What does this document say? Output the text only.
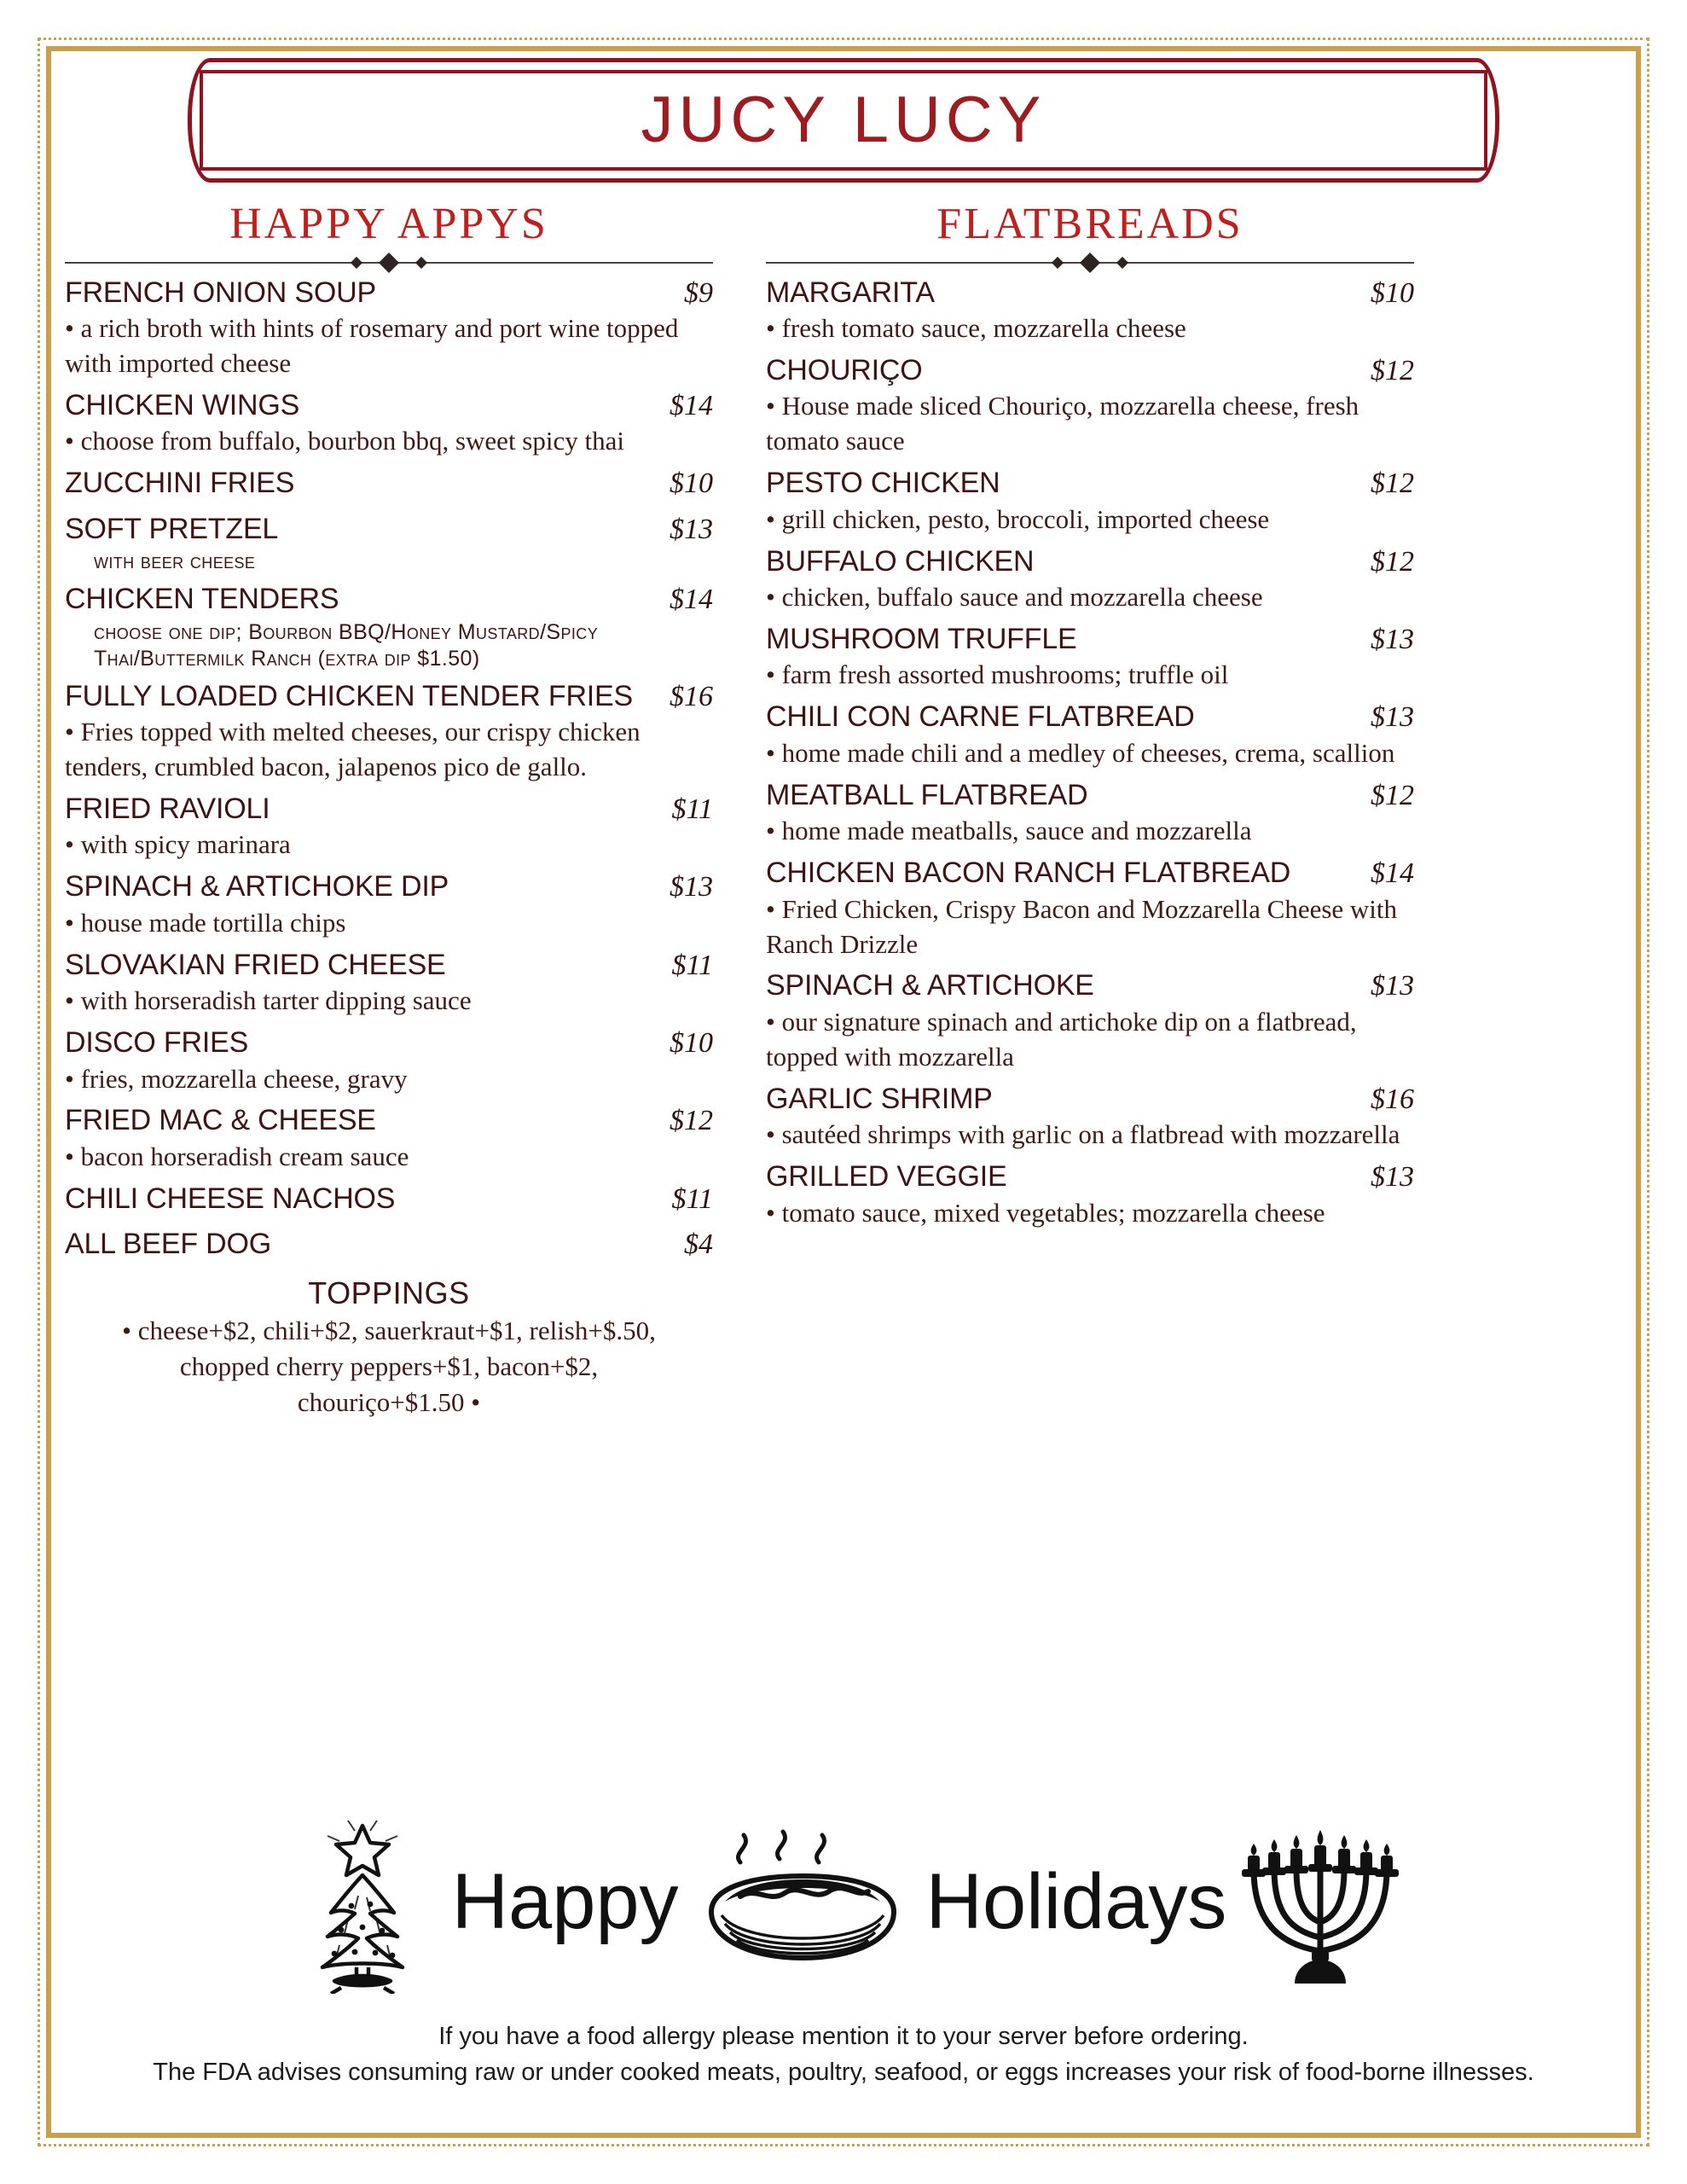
JUCY LUCY
HAPPY APPYS
FRENCH ONION SOUP	$9
• a rich broth with hints of rosemary and port wine topped with imported cheese
CHICKEN WINGS	$14
• choose from buffalo, bourbon bbq, sweet spicy thai
ZUCCHINI FRIES	$10
SOFT PRETZEL	$13
with beer cheese
CHICKEN TENDERS	$14
choose one dip; Bourbon BBQ/Honey Mustard/Spicy Thai/Buttermilk Ranch (extra dip $1.50)
FULLY LOADED CHICKEN TENDER FRIES	$16
• Fries topped with melted cheeses, our crispy chicken tenders, crumbled bacon, jalapenos pico de gallo.
FRIED RAVIOLI	$11
• with spicy marinara
SPINACH & ARTICHOKE DIP	$13
• house made tortilla chips
SLOVAKIAN FRIED CHEESE	$11
• with horseradish tarter dipping sauce
DISCO FRIES	$10
• fries, mozzarella cheese, gravy
FRIED MAC & CHEESE	$12
• bacon horseradish cream sauce
CHILI CHEESE NACHOS	$11
ALL BEEF DOG	$4
TOPPINGS
• cheese+$2, chili+$2, sauerkraut+$1, relish+$.50, chopped cherry peppers+$1, bacon+$2, chouriço+$1.50 •
FLATBREADS
MARGARITA	$10
• fresh tomato sauce, mozzarella cheese
CHOURIÇO	$12
• House made sliced Chouriço, mozzarella cheese, fresh tomato sauce
PESTO CHICKEN	$12
• grill chicken, pesto, broccoli, imported cheese
BUFFALO CHICKEN	$12
• chicken, buffalo sauce and mozzarella cheese
MUSHROOM TRUFFLE	$13
• farm fresh assorted mushrooms; truffle oil
CHILI CON CARNE FLATBREAD	$13
• home made chili and a medley of cheeses, crema, scallion
MEATBALL FLATBREAD	$12
• home made meatballs, sauce and mozzarella
CHICKEN BACON RANCH FLATBREAD	$14
• Fried Chicken, Crispy Bacon and Mozzarella Cheese with Ranch Drizzle
SPINACH & ARTICHOKE	$13
• our signature spinach and artichoke dip on a flatbread, topped with mozzarella
GARLIC SHRIMP	$16
• sautéed shrimps with garlic on a flatbread with mozzarella
GRILLED VEGGIE	$13
• tomato sauce, mixed vegetables; mozzarella cheese
Happy	Holidays
If you have a food allergy please mention it to your server before ordering.
The FDA advises consuming raw or under cooked meats, poultry, seafood, or eggs increases your risk of food-borne illnesses.
